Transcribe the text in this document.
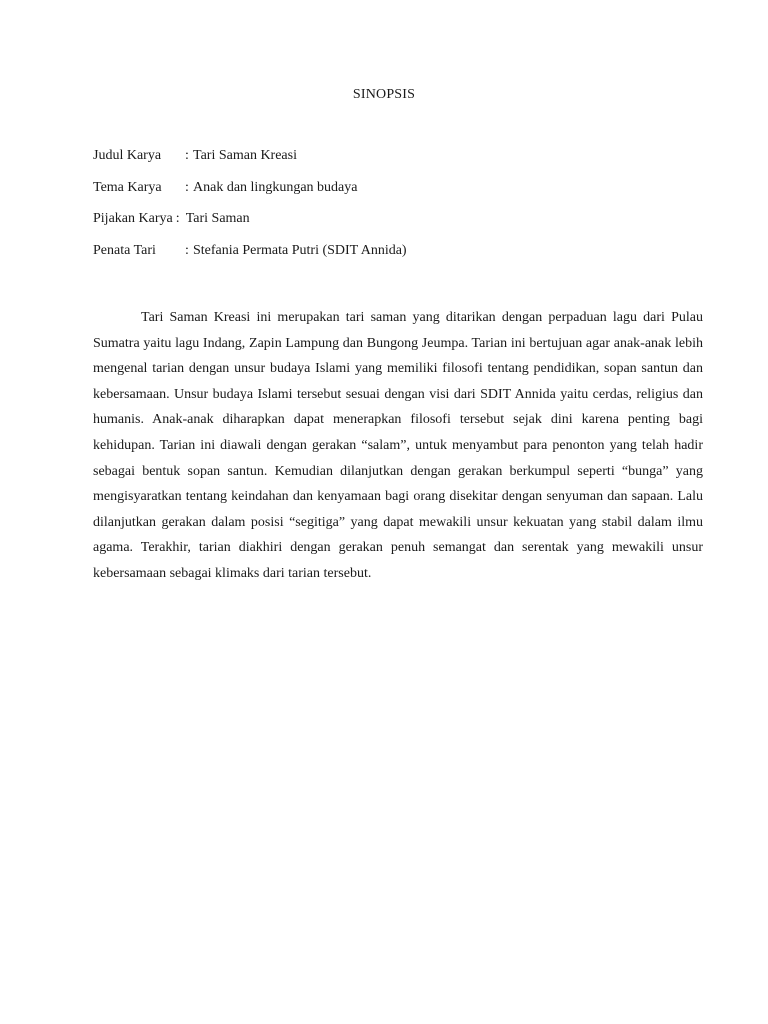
SINOPSIS
Judul Karya	: Tari Saman Kreasi
Tema Karya	: Anak dan lingkungan budaya
Pijakan Karya : Tari Saman
Penata Tari	: Stefania Permata Putri (SDIT Annida)

Tari Saman Kreasi ini merupakan tari saman yang ditarikan dengan perpaduan lagu dari Pulau Sumatra yaitu lagu Indang, Zapin Lampung dan Bungong Jeumpa. Tarian ini bertujuan agar anak-anak lebih mengenal tarian dengan unsur budaya Islami yang memiliki filosofi tentang pendidikan, sopan santun dan kebersamaan. Unsur budaya Islami tersebut sesuai dengan visi dari SDIT Annida yaitu cerdas, religius dan humanis. Anak-anak diharapkan dapat menerapkan filosofi tersebut sejak dini karena penting bagi kehidupan. Tarian ini diawali dengan gerakan “salam”, untuk menyambut para penonton yang telah hadir sebagai bentuk sopan santun. Kemudian dilanjutkan dengan gerakan berkumpul seperti “bunga” yang mengisyaratkan tentang keindahan dan kenyamaan bagi orang disekitar dengan senyuman dan sapaan. Lalu dilanjutkan gerakan dalam posisi “segitiga” yang dapat mewakili unsur kekuatan yang stabil dalam ilmu agama. Terakhir, tarian diakhiri dengan gerakan penuh semangat dan serentak yang mewakili unsur kebersamaan sebagai klimaks dari tarian tersebut.
